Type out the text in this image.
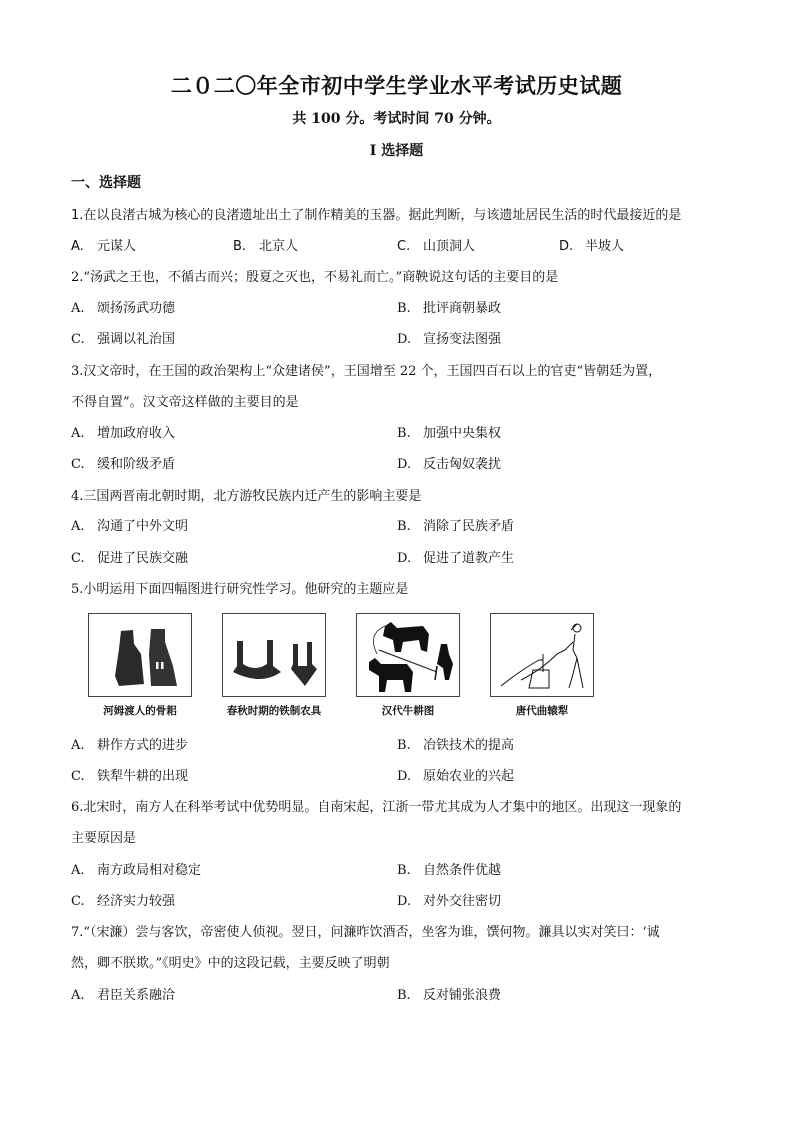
二０二〇年全市初中学生学业水平考试历史试题
共 100 分。考试时间 70 分钟。
I 选择题
一、选择题
1.在以良渚古城为核心的良渚遗址出土了制作精美的玉器。据此判断，与该遗址居民生活的时代最接近的是
A. 元谋人	B. 北京人	C. 山顶洞人	D. 半坡人
2.“汤武之王也，不循古而兴；殷夏之灭也，不易礼而亡。”商鞅说这句话的主要目的是
A. 颂扬汤武功德	B. 批评商朝暴政
C. 强调以礼治国	D. 宣扬变法图强
3.汉文帝时，在王国的政治架构上“众建诸侯”，王国增至 22 个，王国四百石以上的官吏“皆朝廷为置，
不得自置”。汉文帝这样做的主要目的是
A. 增加政府收入	B. 加强中央集权
C. 缓和阶级矛盾	D. 反击匈奴袭扰
4.三国两晋南北朝时期，北方游牧民族内迁产生的影响主要是
A. 沟通了中外文明	B. 消除了民族矛盾
C. 促进了民族交融	D. 促进了道教产生
5.小明运用下面四幅图进行研究性学习。他研究的主题应是
河姆渡人的骨耜	春秋时期的铁制农具	汉代牛耕图	唐代曲辕犁
A. 耕作方式的进步	B. 冶铁技术的提高
C. 铁犁牛耕的出现	D. 原始农业的兴起
6.北宋时，南方人在科举考试中优势明显。自南宋起，江浙一带尤其成为人才集中的地区。出现这一现象的
主要原因是
A. 南方政局相对稳定	B. 自然条件优越
C. 经济实力较强	D. 对外交往密切
7.“（宋濂）尝与客饮，帝密使人侦视。翌日，问濂昨饮酒否，坐客为谁，馔何物。濂具以实对笑曰：‘诚
然，卿不朕欺。”《明史》中的这段记载，主要反映了明朝
A. 君臣关系融洽	B. 反对铺张浪费
